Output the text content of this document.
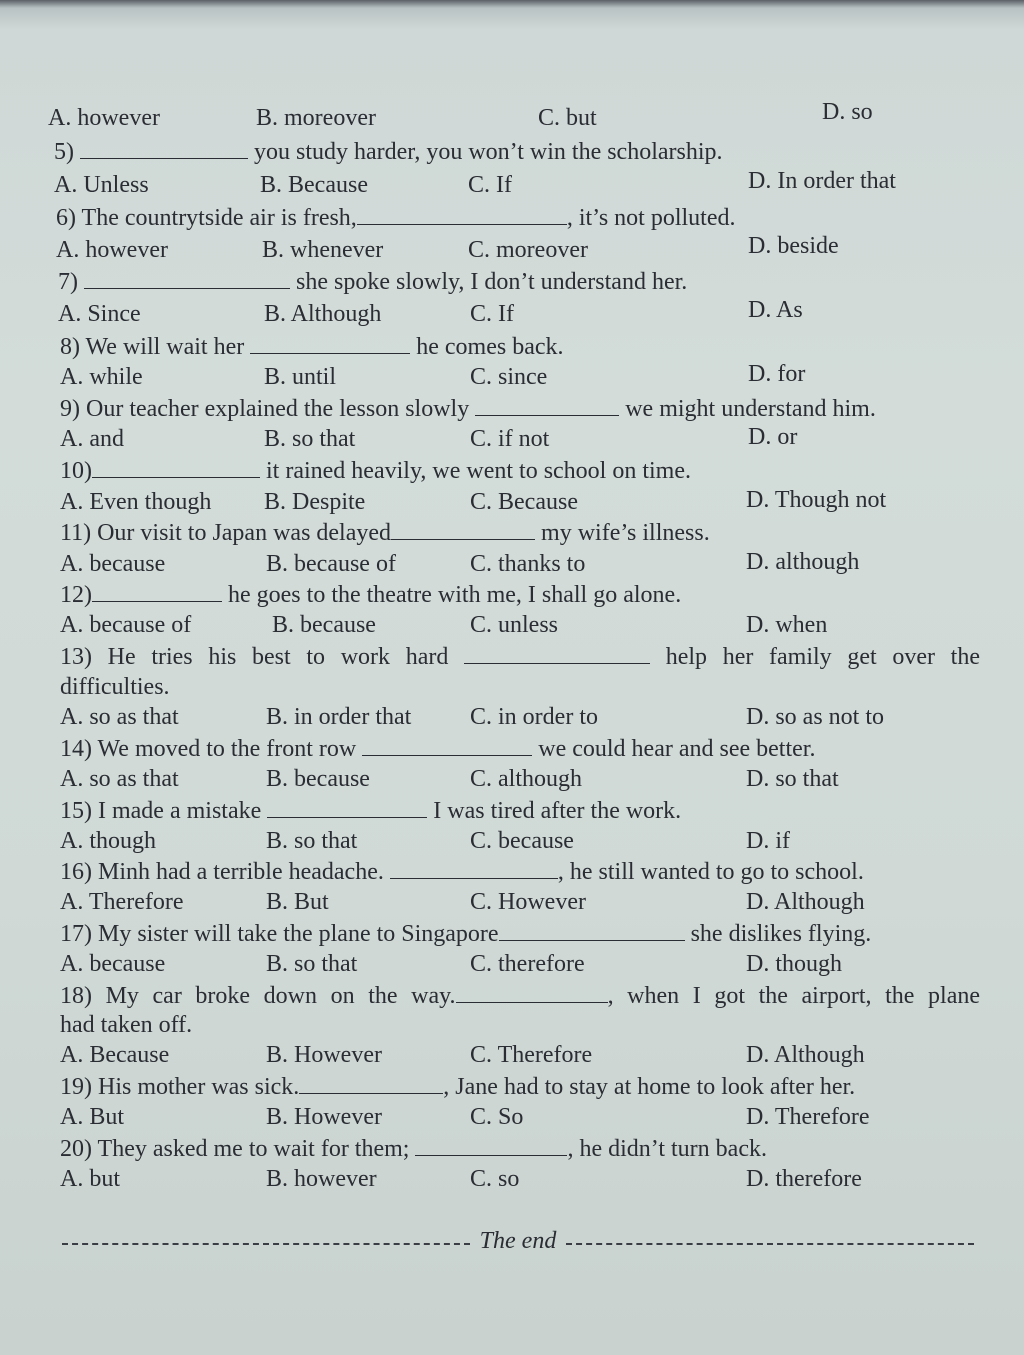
A. however	B. moreover	C. but	D. so
5)	you study harder, you won’t win the scholarship.
A. Unless	B. Because	C. If	D. In order that
6) The countrytside air is fresh,	, it’s not polluted.
A. however	B. whenever	C. moreover	D. beside
7)	she spoke slowly, I don’t understand her.
A. Since	B. Although	C. If	D. As
8) We will wait her	he comes back.
A. while	B. until	C. since	D. for
9) Our teacher explained the lesson slowly	we might understand him.
A. and	B. so that	C. if not	D. or
10)	it rained heavily, we went to school on time.
A. Even though B. Despite	C. Because	D. Though not
11) Our visit to Japan was delayed	my wife’s illness.
A. because	B. because of	C. thanks to	D. although
12)	he goes to the theatre with me, I shall go alone.
A. because of	B. because	C. unless	D. when
13) He tries his best to work hard	help her family get over the
difficulties.
A. so as that	B. in order that C. in order to	D. so as not to
14) We moved to the front row	we could hear and see better.
A. so as that	B. because	C. although	D. so that
15) I made a mistake	I was tired after the work.
A. though	B. so that	C. because	D. if
16) Minh had a terrible headache.	, he still wanted to go to school.
A. Therefore	B. But	C. However	D. Although
17) My sister will take the plane to Singapore	she dislikes flying.
A. because	B. so that	C. therefore	D. though
18) My car broke down on the way.	, when I got the airport, the plane
had taken off.
A. Because	B. However	C. Therefore	D. Although
19) His mother was sick.	, Jane had to stay at home to look after her.
A. But	B. However	C. So	D. Therefore
20) They asked me to wait for them;	, he didn’t turn back.
A. but	B. however	C. so	D. therefore
The end
